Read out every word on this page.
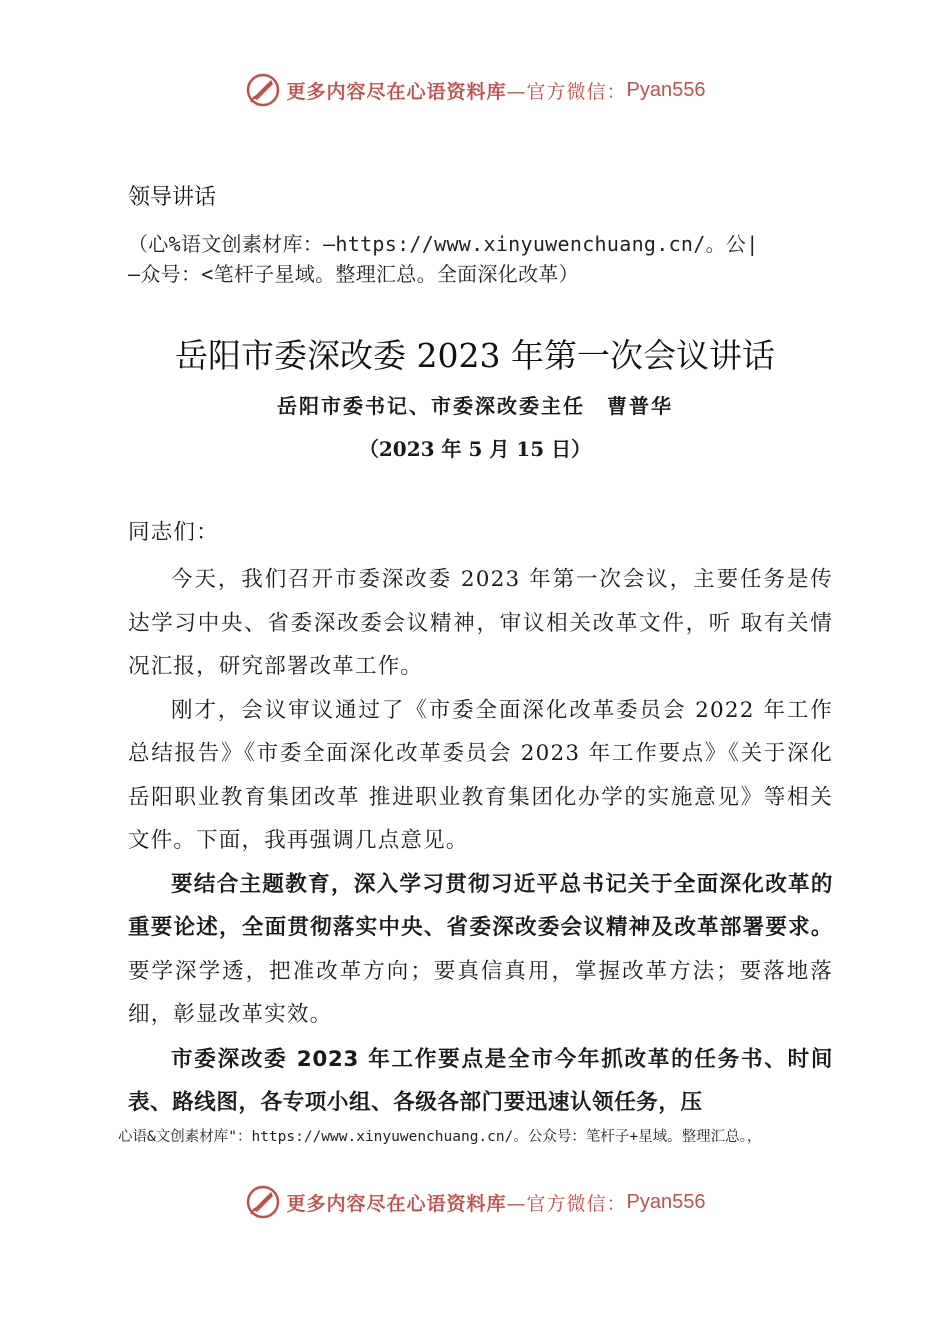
更多内容尽在心语资料库 —官方微信： Pyan556
领导讲话
（心%语文创素材库：—https://www.xinyuwenchuang.cn/。公|
—众号：<笔杆子星域。整理汇总。全面深化改革）
岳阳市委深改委 2023 年第一次会议讲话
岳阳市委书记、市委深改委主任　曹普华
（2023 年 5 月 15 日）
同志们：

今天，我们召开市委深改委 2023 年第一次会议，主要任务是传达学习中央、省委深改委会议精神，审议相关改革文件，听 取有关情况汇报，研究部署改革工作。

刚才，会议审议通过了《市委全面深化改革委员会 2022 年工作总结报告》《市委全面深化改革委员会 2023 年工作要点》《关于深化岳阳职业教育集团改革 推进职业教育集团化办学的实施意见》等相关文件。下面，我再强调几点意见。

要结合主题教育，深入学习贯彻习近平总书记关于全面深化改革的重要论述，全面贯彻落实中央、省委深改委会议精神及改革部署要求。要学深学透，把准改革方向；要真信真用，掌握改革方法；要落地落细，彰显改革实效。

市委深改委 2023 年工作要点是全市今年抓改革的任务书、时间表、路线图，各专项小组、各级各部门要迅速认领任务，压

心语&文创素材库"：https://www.xinyuwenchuang.cn/。公众号：笔杆子+星域。整理汇总。，
更多内容尽在心语资料库 —官方微信： Pyan556
